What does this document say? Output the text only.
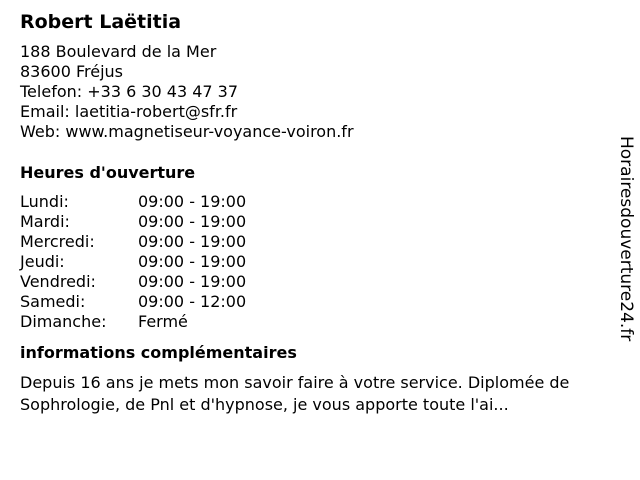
Robert Laëtitia
188 Boulevard de la Mer
83600 Fréjus
Telefon: +33 6 30 43 47 37
Email: laetitia-robert@sfr.fr
Web: www.magnetiseur-voyance-voiron.fr
Heures d'ouverture
Lundi:	09:00 - 19:00
Mardi:	09:00 - 19:00
Mercredi:	09:00 - 19:00
Jeudi:	09:00 - 19:00
Vendredi:	09:00 - 19:00
Samedi:	09:00 - 12:00
Dimanche:	Fermé
informations complémentaires
Depuis 16 ans je mets mon savoir faire à votre service. Diplomée de Sophrologie, de Pnl et d'hypnose, je vous apporte toute l'ai...
Horairesdouverture24.fr
